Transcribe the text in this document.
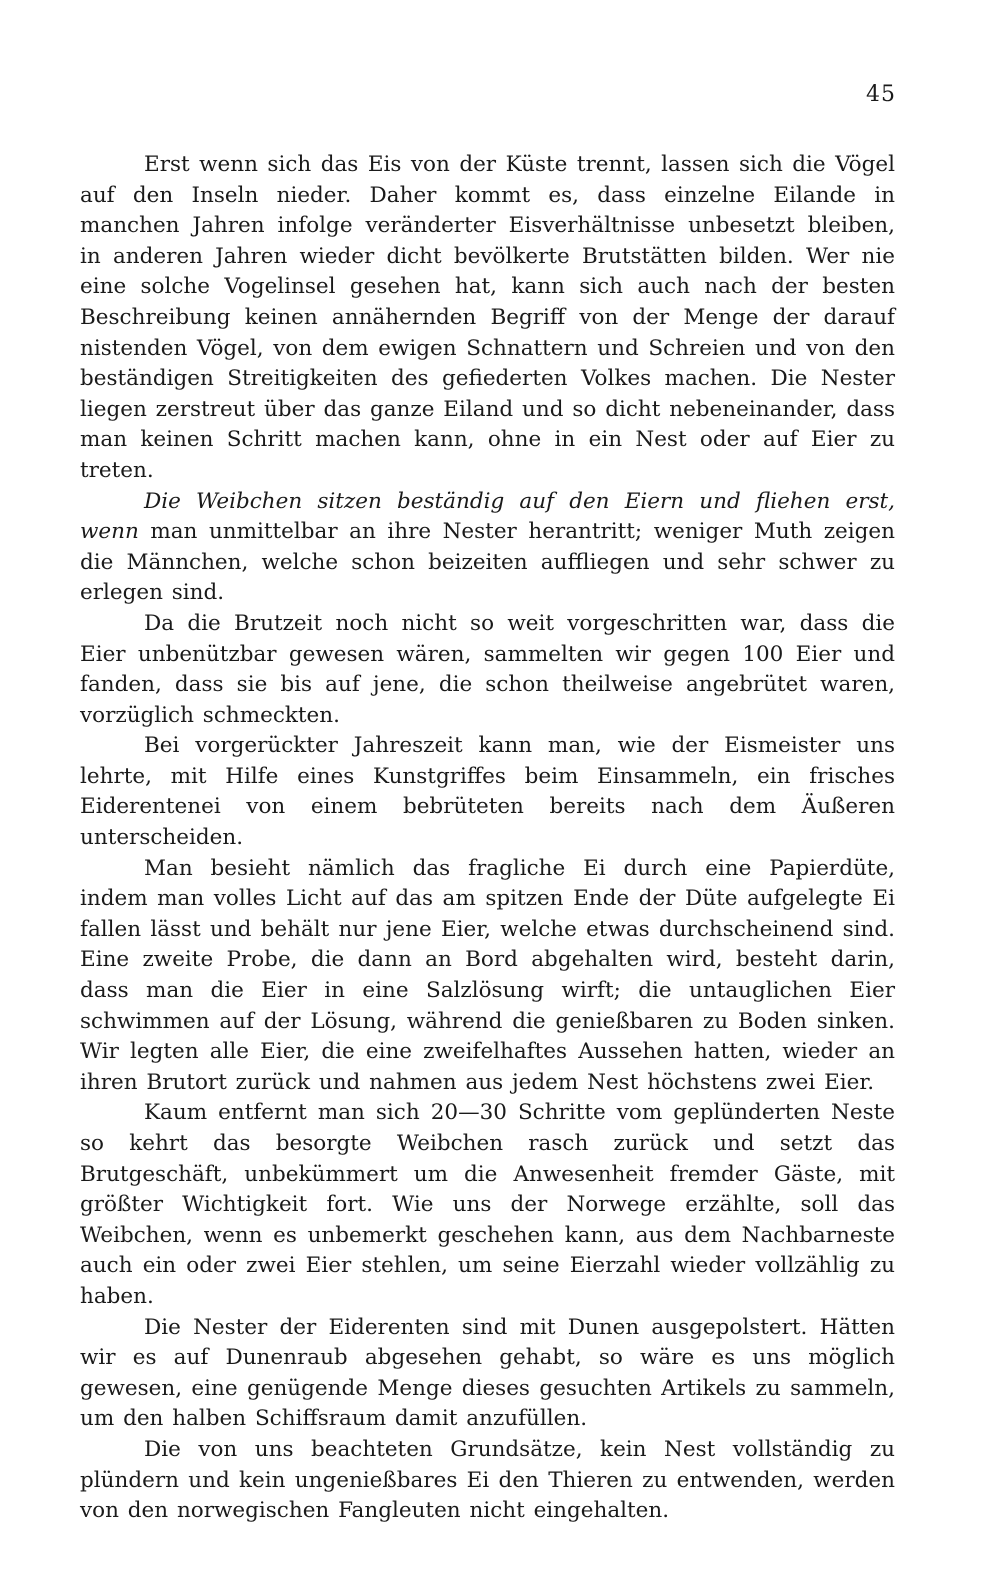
45

Erst wenn sich das Eis von der Küste trennt, lassen sich die Vögel auf den Inseln nieder. Daher kommt es, dass einzelne Eilande in manchen Jahren infolge veränderter Eisverhältnisse unbesetzt bleiben, in anderen Jahren wieder dicht bevölkerte Brutstätten bilden. Wer nie eine solche Vogelinsel gesehen hat, kann sich auch nach der besten Beschreibung keinen annähernden Begriff von der Menge der darauf nistenden Vögel, von dem ewigen Schnattern und Schreien und von den beständigen Streitigkeiten des gefiederten Volkes machen. Die Nester liegen zerstreut über das ganze Eiland und so dicht nebeneinander, dass man keinen Schritt machen kann, ohne in ein Nest oder auf Eier zu treten.

Die Weibchen sitzen beständig auf den Eiern und fliehen erst, wenn man unmittelbar an ihre Nester herantritt; weniger Muth zeigen die Männchen, welche schon beizeiten auffliegen und sehr schwer zu erlegen sind.

Da die Brutzeit noch nicht so weit vorgeschritten war, dass die Eier unbenützbar gewesen wären, sammelten wir gegen 100 Eier und fanden, dass sie bis auf jene, die schon theilweise angebrütet waren, vorzüglich schmeckten.

Bei vorgerückter Jahreszeit kann man, wie der Eismeister uns lehrte, mit Hilfe eines Kunstgriffes beim Einsammeln, ein frisches Eiderentenei von einem bebrüteten bereits nach dem Äußeren unterscheiden.

Man besieht nämlich das fragliche Ei durch eine Papierdüte, indem man volles Licht auf das am spitzen Ende der Düte aufgelegte Ei fallen lässt und behält nur jene Eier, welche etwas durchscheinend sind. Eine zweite Probe, die dann an Bord abgehalten wird, besteht darin, dass man die Eier in eine Salzlösung wirft; die untauglichen Eier schwimmen auf der Lösung, während die genießbaren zu Boden sinken. Wir legten alle Eier, die eine zweifelhaftes Aussehen hatten, wieder an ihren Brutort zurück und nahmen aus jedem Nest höchstens zwei Eier.

Kaum entfernt man sich 20—30 Schritte vom geplünderten Neste so kehrt das besorgte Weibchen rasch zurück und setzt das Brutgeschäft, unbekümmert um die Anwesenheit fremder Gäste, mit größter Wichtigkeit fort. Wie uns der Norwege erzählte, soll das Weibchen, wenn es unbemerkt geschehen kann, aus dem Nachbarneste auch ein oder zwei Eier stehlen, um seine Eierzahl wieder vollzählig zu haben.

Die Nester der Eiderenten sind mit Dunen ausgepolstert. Hätten wir es auf Dunenraub abgesehen gehabt, so wäre es uns möglich gewesen, eine genügende Menge dieses gesuchten Artikels zu sammeln, um den halben Schiffsraum damit anzufüllen.

Die von uns beachteten Grundsätze, kein Nest vollständig zu plündern und kein ungenießbares Ei den Thieren zu entwenden, werden von den norwegischen Fangleuten nicht eingehalten.
